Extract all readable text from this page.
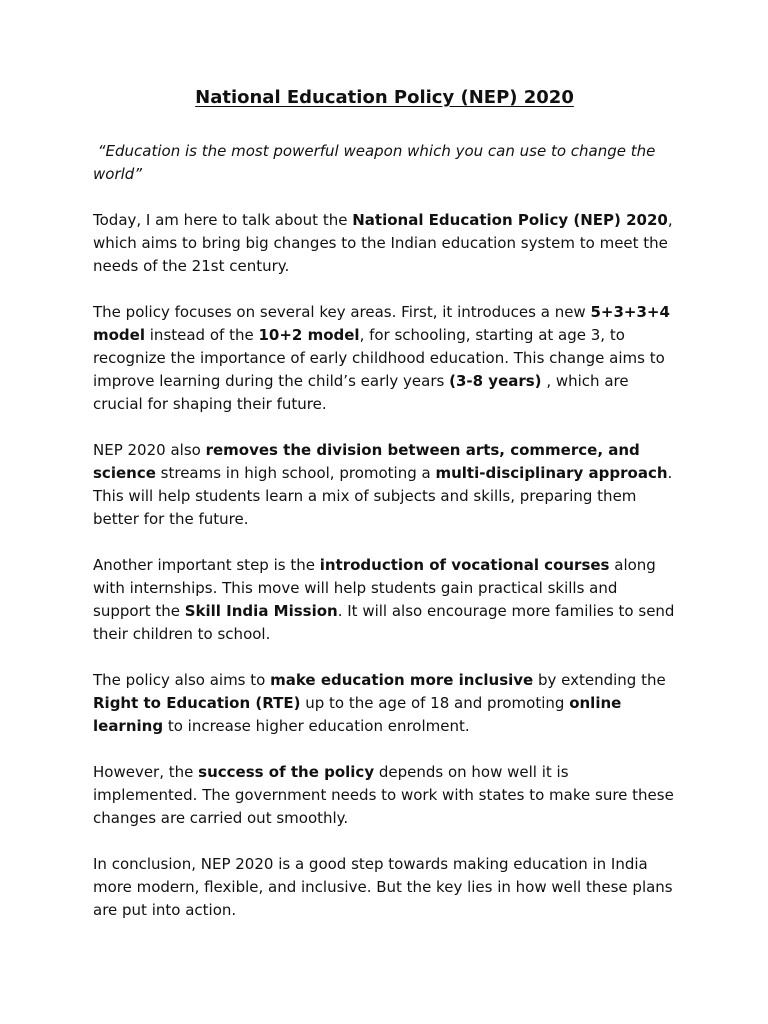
National Education Policy (NEP) 2020

“Education is the most powerful weapon which you can use to change the world”

Today, I am here to talk about the National Education Policy (NEP) 2020, which aims to bring big changes to the Indian education system to meet the needs of the 21st century.

The policy focuses on several key areas. First, it introduces a new 5+3+3+4 model instead of the 10+2 model, for schooling, starting at age 3, to recognize the importance of early childhood education. This change aims to improve learning during the child’s early years (3-8 years) , which are crucial for shaping their future.

NEP 2020 also removes the division between arts, commerce, and science streams in high school, promoting a multi-disciplinary approach. This will help students learn a mix of subjects and skills, preparing them better for the future.

Another important step is the introduction of vocational courses along with internships. This move will help students gain practical skills and support the Skill India Mission. It will also encourage more families to send their children to school.

The policy also aims to make education more inclusive by extending the Right to Education (RTE) up to the age of 18 and promoting online learning to increase higher education enrolment.

However, the success of the policy depends on how well it is implemented. The government needs to work with states to make sure these changes are carried out smoothly.

In conclusion, NEP 2020 is a good step towards making education in India more modern, flexible, and inclusive. But the key lies in how well these plans are put into action.
